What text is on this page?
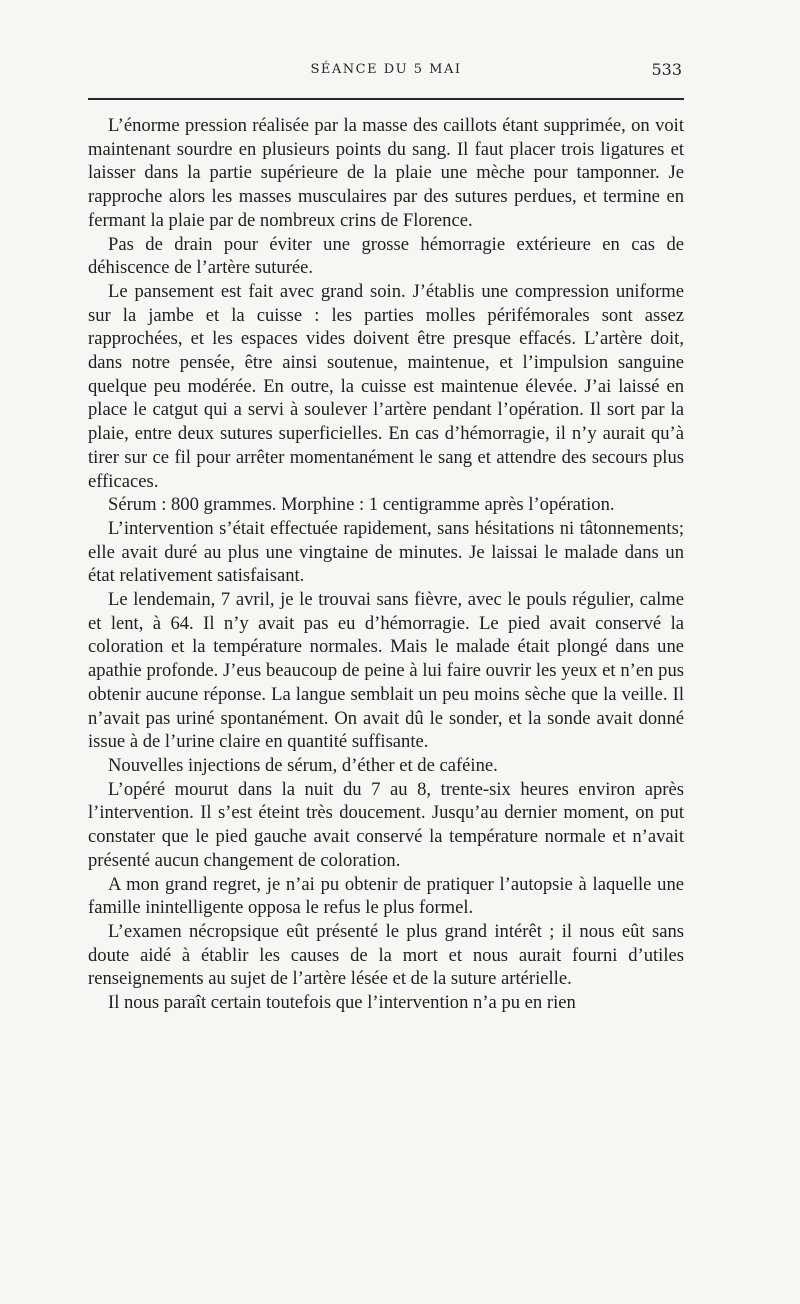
SÉANCE DU 5 MAI	533

L’énorme pression réalisée par la masse des caillots étant supprimée, on voit maintenant sourdre en plusieurs points du sang. Il faut placer trois ligatures et laisser dans la partie supérieure de la plaie une mèche pour tamponner. Je rapproche alors les masses musculaires par des sutures perdues, et termine en fermant la plaie par de nombreux crins de Florence.

Pas de drain pour éviter une grosse hémorragie extérieure en cas de déhiscence de l’artère suturée.

Le pansement est fait avec grand soin. J’établis une compression uniforme sur la jambe et la cuisse : les parties molles périfémorales sont assez rapprochées, et les espaces vides doivent être presque effacés. L’artère doit, dans notre pensée, être ainsi soutenue, maintenue, et l’impulsion sanguine quelque peu modérée. En outre, la cuisse est maintenue élevée. J’ai laissé en place le catgut qui a servi à soulever l’artère pendant l’opération. Il sort par la plaie, entre deux sutures superficielles. En cas d’hémorragie, il n’y aurait qu’à tirer sur ce fil pour arrêter momentanément le sang et attendre des secours plus efficaces.

Sérum : 800 grammes. Morphine : 1 centigramme après l’opération.

L’intervention s’était effectuée rapidement, sans hésitations ni tâtonnements; elle avait duré au plus une vingtaine de minutes. Je laissai le malade dans un état relativement satisfaisant.

Le lendemain, 7 avril, je le trouvai sans fièvre, avec le pouls régulier, calme et lent, à 64. Il n’y avait pas eu d’hémorragie. Le pied avait conservé la coloration et la température normales. Mais le malade était plongé dans une apathie profonde. J’eus beaucoup de peine à lui faire ouvrir les yeux et n’en pus obtenir aucune réponse. La langue semblait un peu moins sèche que la veille. Il n’avait pas uriné spontanément. On avait dû le sonder, et la sonde avait donné issue à de l’urine claire en quantité suffisante.

Nouvelles injections de sérum, d’éther et de caféine.

L’opéré mourut dans la nuit du 7 au 8, trente-six heures environ après l’intervention. Il s’est éteint très doucement. Jusqu’au dernier moment, on put constater que le pied gauche avait conservé la température normale et n’avait présenté aucun changement de coloration.

A mon grand regret, je n’ai pu obtenir de pratiquer l’autopsie à laquelle une famille inintelligente opposa le refus le plus formel.

L’examen nécropsique eût présenté le plus grand intérêt ; il nous eût sans doute aidé à établir les causes de la mort et nous aurait fourni d’utiles renseignements au sujet de l’artère lésée et de la suture artérielle.

Il nous paraît certain toutefois que l’intervention n’a pu en rien
